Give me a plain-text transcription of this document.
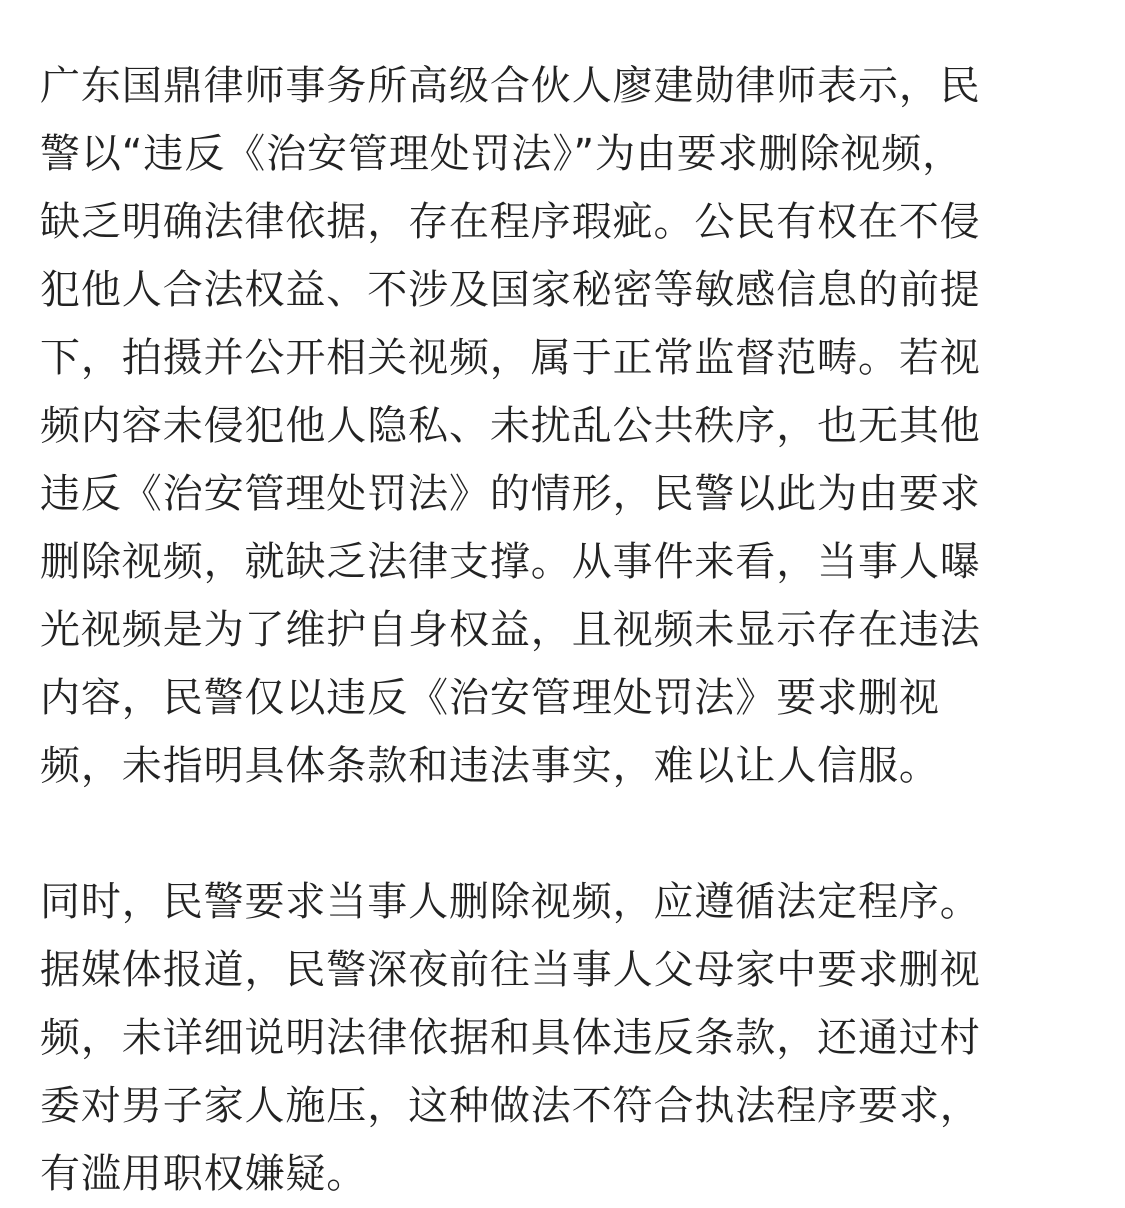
广东国鼎律师事务所高级合伙人廖建勋律师表示，民
警以“违反《治安管理处罚法》”为由要求删除视频，
缺乏明确法律依据，存在程序瑕疵。公民有权在不侵
犯他人合法权益、不涉及国家秘密等敏感信息的前提
下，拍摄并公开相关视频，属于正常监督范畴。若视
频内容未侵犯他人隐私、未扰乱公共秩序，也无其他
违反《治安管理处罚法》的情形，民警以此为由要求
删除视频，就缺乏法律支撑。从事件来看，当事人曝
光视频是为了维护自身权益，且视频未显示存在违法
内容，民警仅以违反《治安管理处罚法》要求删视
频，未指明具体条款和违法事实，难以让人信服。

同时，民警要求当事人删除视频，应遵循法定程序。
据媒体报道，民警深夜前往当事人父母家中要求删视
频，未详细说明法律依据和具体违反条款，还通过村
委对男子家人施压，这种做法不符合执法程序要求，
有滥用职权嫌疑。
